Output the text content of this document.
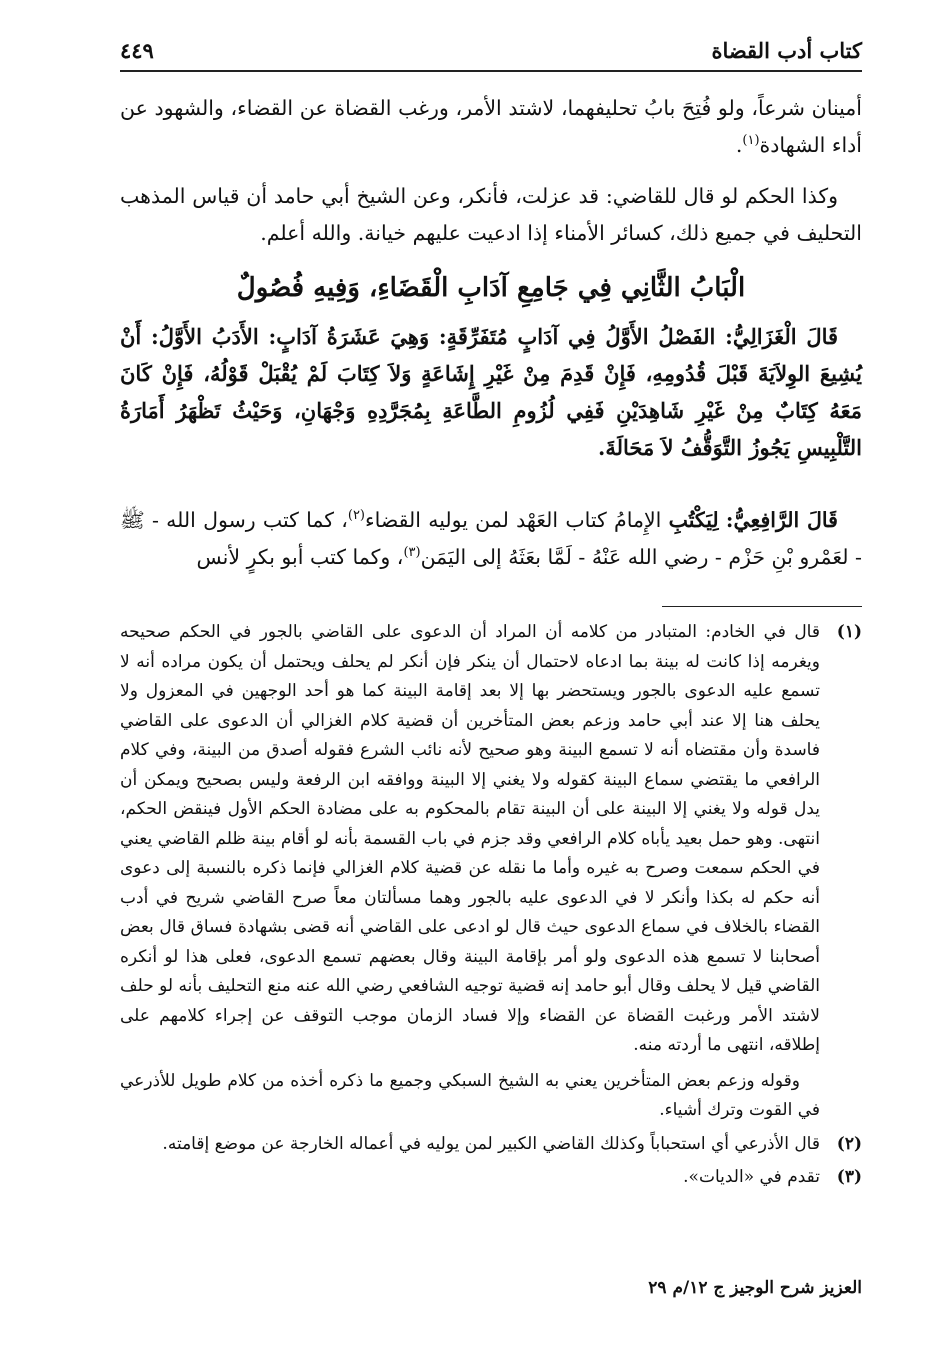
كتاب أدب القضاة
٤٤٩
أمينان شرعاً، ولو فُتِحَ بابُ تحليفهما، لاشتد الأمر، ورغب القضاة عن القضاء، والشهود عن أداء الشهادة$^{(١)}$.
وكذا الحكم لو قال للقاضي: قد عزلت، فأنكر، وعن الشيخ أبي حامد أن قياس المذهب التحليف في جميع ذلك، كسائر الأمناء إذا ادعيت عليهم خيانة. والله أعلم.
الْبَابُ الثَّانِي فِي جَامِعِ آدَابِ الْقَضَاءِ، وَفِيهِ فُصُولٌ
قَالَ الْغَزَالِيُّ: الفَصْلُ الأَوَّلُ فِي آدَابٍ مُتَفَرِّقَةٍ: وَهِيَ عَشَرَةُ آدَابٍ: الأَدَبُ الأَوَّلُ: أَنْ يُشِيعَ الوِلاَيَةَ قَبْلَ قُدُومِهِ، فَإِنْ قَدِمَ مِنْ غَيْرِ إِشَاعَةٍ وَلاَ كِتَابَ لَمْ يُقْبَلْ قَوْلُهُ، فَإِنْ كَانَ مَعَهُ كِتَابٌ مِنْ غَيْرِ شَاهِدَيْنِ فَفِي لُزُومِ الطَّاعَةِ بِمُجَرَّدِهِ وَجْهَانِ، وَحَيْثُ تَظْهَرُ أَمَارَةُ التَّلْبِيسِ يَجُوزُ التَّوَقُّفُ لاَ مَحَالَةَ.
قَالَ الرَّافِعِيُّ: لِيَكْتُبِ الإِمامُ كتاب العَهْد لمن يوليه القضاء$^{(٢)}$، كما كتب رسول الله - ﷺ - لعَمْرو بْنِ حَزْم - رضي الله عَنْهُ - لَمَّا بعَثَهُ إلى اليَمَن$^{(٣)}$، وكما كتب أبو بكرٍ لأنس
(١)
قال في الخادم: المتبادر من كلامه أن المراد أن الدعوى على القاضي بالجور في الحكم صحيحه ويغرمه إذا كانت له بينة بما ادعاه لاحتمال أن ينكر فإن أنكر لم يحلف ويحتمل أن يكون مراده أنه لا تسمع عليه الدعوى بالجور ويستحضر بها إلا بعد إقامة البينة كما هو أحد الوجهين في المعزول ولا يحلف هنا إلا عند أبي حامد وزعم بعض المتأخرين أن قضية كلام الغزالي أن الدعوى على القاضي فاسدة وأن مقتضاه أنه لا تسمع البينة وهو صحيح لأنه نائب الشرع فقوله أصدق من البينة، وفي كلام الرافعي ما يقتضي سماع البينة كقوله ولا يغني إلا البينة ووافقه ابن الرفعة وليس بصحيح ويمكن أن يدل قوله ولا يغني إلا البينة على أن البينة تقام بالمحكوم به على مضادة الحكم الأول فينقض الحكم، انتهى. وهو حمل بعيد يأباه كلام الرافعي وقد جزم في باب القسمة بأنه لو أقام بينة ظلم القاضي يعني في الحكم سمعت وصرح به غيره وأما ما نقله عن قضية كلام الغزالي فإنما ذكره بالنسبة إلى دعوى أنه حكم له بكذا وأنكر لا في الدعوى عليه بالجور وهما مسألتان معاً صرح القاضي شريح في أدب القضاء بالخلاف في سماع الدعوى حيث قال لو ادعى على القاضي أنه قضى بشهادة فساق قال بعض أصحابنا لا تسمع هذه الدعوى ولو أمر بإقامة البينة وقال بعضهم تسمع الدعوى، فعلى هذا لو أنكره القاضي قيل لا يحلف وقال أبو حامد إنه قضية توجيه الشافعي رضي الله عنه منع التحليف بأنه لو حلف لاشتد الأمر ورغبت القضاة عن القضاء وإلا فساد الزمان موجب التوقف عن إجراء كلامهم على إطلاقه، انتهى ما أردته منه.
وقوله وزعم بعض المتأخرين يعني به الشيخ السبكي وجميع ما ذكره أخذه من كلام طويل للأذرعي في القوت وترك أشياء.
(٢)
قال الأذرعي أي استحباباً وكذلك القاضي الكبير لمن يوليه في أعماله الخارجة عن موضع إقامته.
(٣)
تقدم في «الديات».
العزيز شرح الوجيز ج ١٢/م ٢٩
